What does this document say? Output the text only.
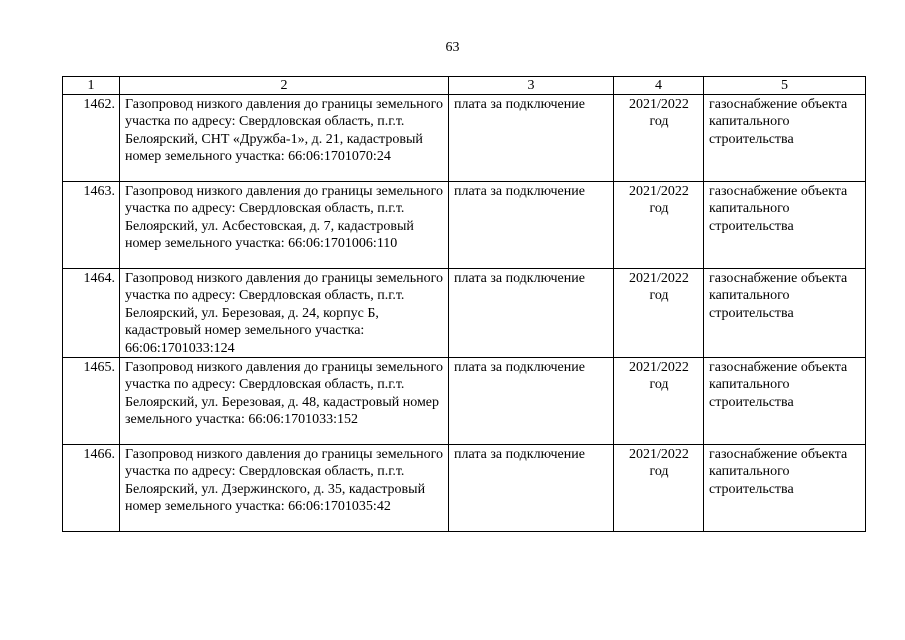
63
1	2	3	4	5
1462.	Газопровод низкого давления до границы земельного участка по адресу: Свердловская область, п.г.т. Белоярский, СНТ «Дружба-1», д. 21, кадастровый номер земельного участка: 66:06:1701070:24	плата за подключение	2021/2022 год	газоснабжение объекта капитального строительства
1463.	Газопровод низкого давления до границы земельного участка по адресу: Свердловская область, п.г.т. Белоярский, ул. Асбестовская, д. 7, кадастровый номер земельного участка: 66:06:1701006:110	плата за подключение	2021/2022 год	газоснабжение объекта капитального строительства
1464.	Газопровод низкого давления до границы земельного участка по адресу: Свердловская область, п.г.т. Белоярский, ул. Березовая, д. 24, корпус Б, кадастровый номер земельного участка: 66:06:1701033:124	плата за подключение	2021/2022 год	газоснабжение объекта капитального строительства
1465.	Газопровод низкого давления до границы земельного участка по адресу: Свердловская область, п.г.т. Белоярский, ул. Березовая, д. 48, кадастровый номер земельного участка: 66:06:1701033:152	плата за подключение	2021/2022 год	газоснабжение объекта капитального строительства
1466.	Газопровод низкого давления до границы земельного участка по адресу: Свердловская область, п.г.т. Белоярский, ул. Дзержинского, д. 35, кадастровый номер земельного участка: 66:06:1701035:42	плата за подключение	2021/2022 год	газоснабжение объекта капитального строительства
